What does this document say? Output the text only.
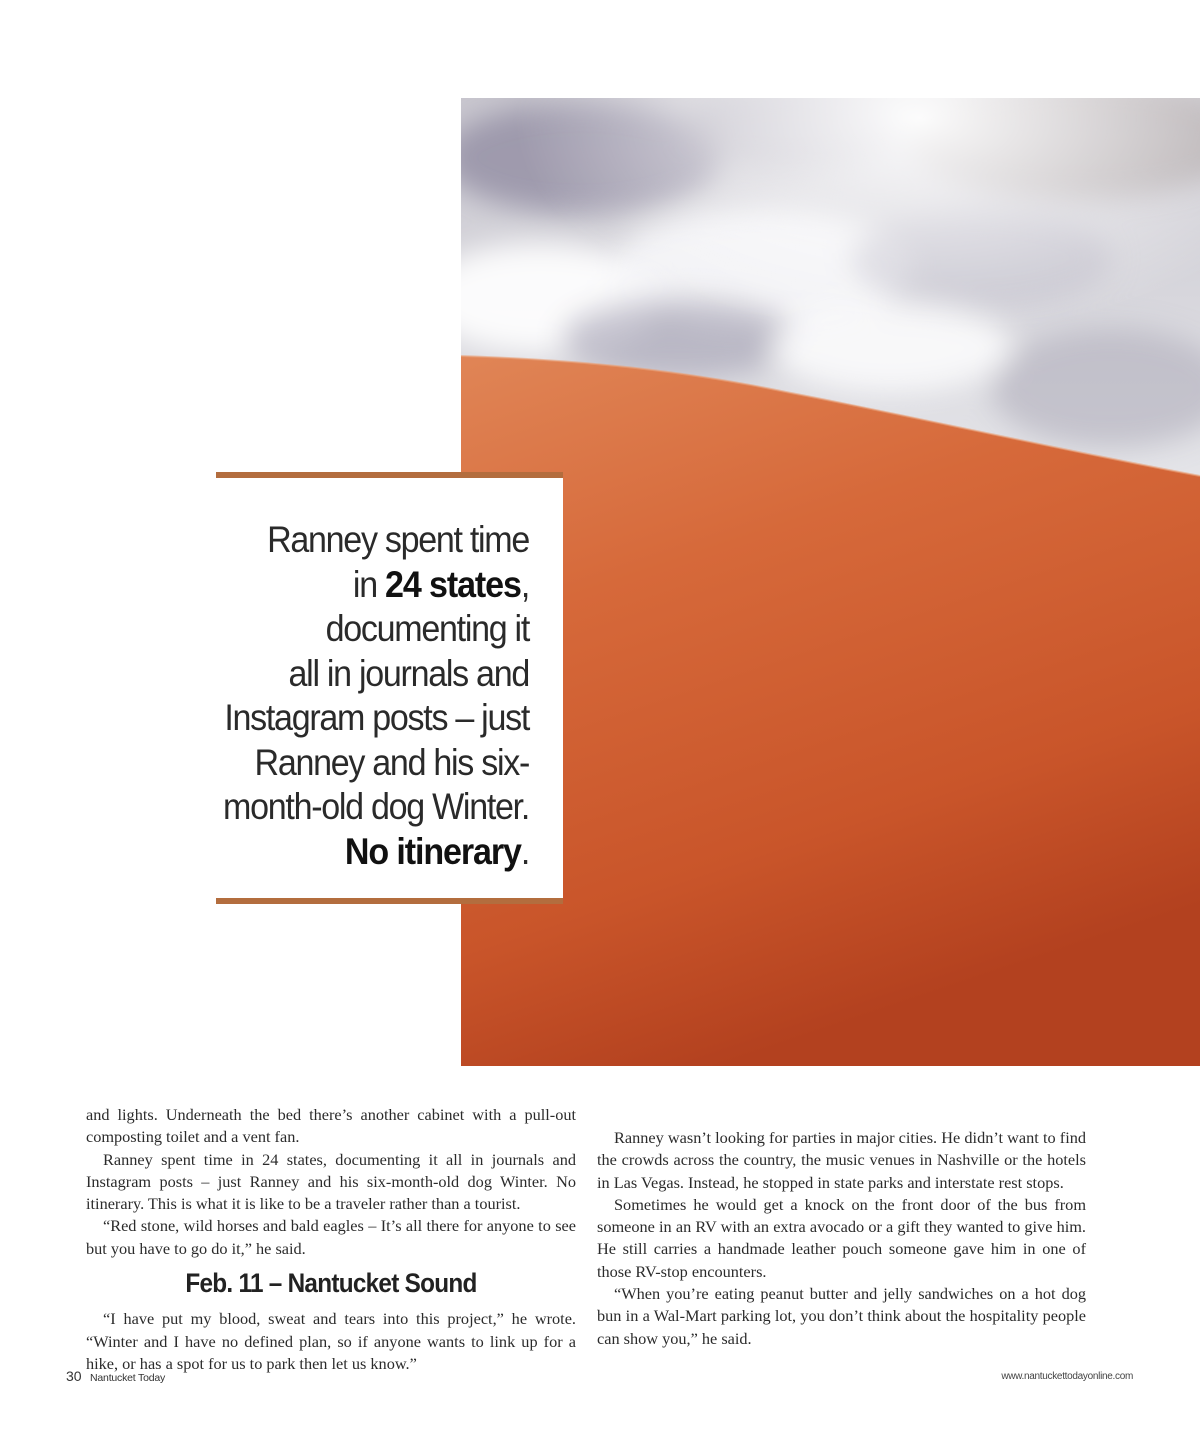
Ranney spent time
in 24 states,
documenting it
all in journals and
Instagram posts – just
Ranney and his six-
month-old dog Winter.
No itinerary.

and lights. Underneath the bed there’s another cabinet with a pull-out composting toilet and a vent fan.

Ranney spent time in 24 states, documenting it all in journals and Instagram posts – just Ranney and his six-month-old dog Winter. No itinerary. This is what it is like to be a traveler rather than a tourist.

“Red stone, wild horses and bald eagles – It’s all there for anyone to see but you have to go do it,” he said.

Feb. 11 – Nantucket Sound

“I have put my blood, sweat and tears into this project,” he wrote. “Winter and I have no defined plan, so if anyone wants to link up for a hike, or has a spot for us to park then let us know.”

Ranney wasn’t looking for parties in major cities. He didn’t want to find the crowds across the country, the music venues in Nashville or the hotels in Las Vegas. Instead, he stopped in state parks and interstate rest stops.

Sometimes he would get a knock on the front door of the bus from someone in an RV with an extra avocado or a gift they wanted to give him. He still carries a handmade leather pouch someone gave him in one of those RV-stop encounters.

“When you’re eating peanut butter and jelly sandwiches on a hot dog bun in a Wal-Mart parking lot, you don’t think about the hospitality people can show you,” he said.

30 Nantucket Today	www.nantuckettodayonline.com
